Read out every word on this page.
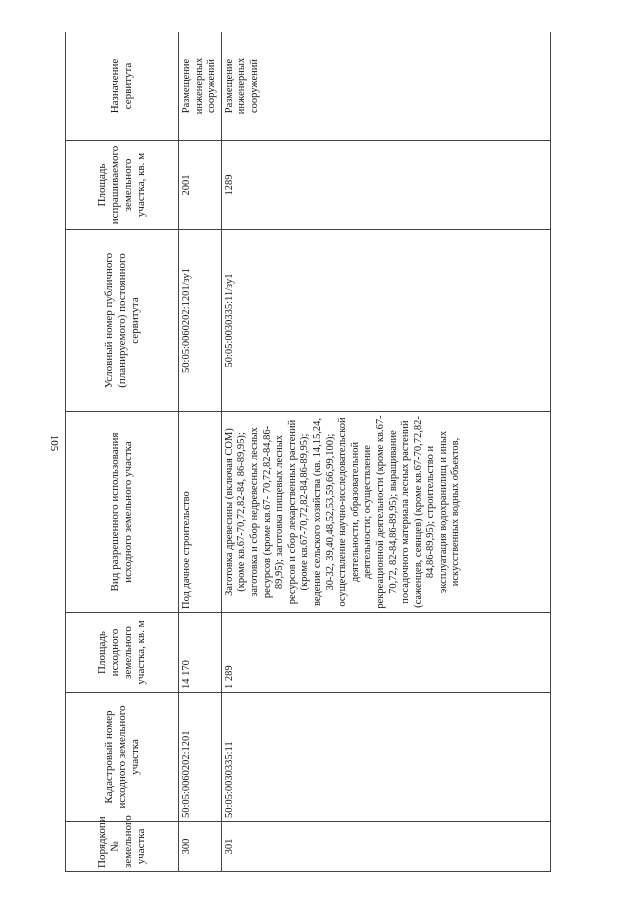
105
Порядкопи № земельного участка	Кадастровый номер исходного земельного участка	Площадь исходного земельного участка, кв. м	Вид разрешенного использования исходного земельного участка	Условный номер публичного (планируемого) постоянного сервитута	Площадь испрашиваемого земельного участка, кв. м	Назначение сервитута
300	50:05:0060202:1201	14 170	Под дачное строительство	50:05:0060202:1201/зу1	2001	Размещение инженерных сооружений
301	50:05:0030335:11	1 289	Заготовка древесины (включая СОМ)(кроме кв.67-70,72,82-84, 86-89,95); заготовка и сбор недревесных лесных ресурсов (кроме кв.67- 70,72,82-84,86-89,95); заготовка пищевых лесных ресурсов и сбор лекарственных растений (кроме кв.67-70,72,82-84,86-89,95); ведение сельского хозяйства (кв. 14,15,24, 30-32, 39,40,48,52,53,59,66,99,100); осуществление научно-исследовательской деятельности, образовательной деятельности; осуществление рекреационной деятельности (кроме кв.67-70,72, 82-84,86-89,95); выращивание посадочного материала лесных растений (саженцев, сеянцев) (кроме кв.67-70,72,82-84,86-89,95); строительство и эксплуатация водохранилищ и иных искусственных водных объектов,	50:05:0030335:11/зу1	1289	Размещение инженерных сооружений
